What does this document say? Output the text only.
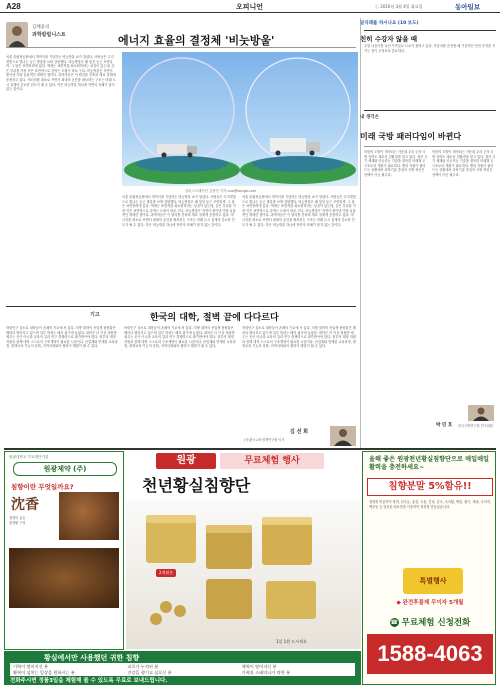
A28	오피니언	㉡ 2016년 3월 4일 화요일	동아일보
김혜윤의
과학칼럼니스트	에너지 효율의 결정체 '비눗방울'
서울 올림픽공원에서 개막식을 기념하는 비눗방울 쇼가 열렸다. 사람들은 무지갯빛으로 빛나는 둥근 방울을 보며 감탄했다. 비눗방울은 왜 항상 둥근 모양일까. 그 답은 표면장력에 있다. 액체는 표면적을 최소화하려는 성질이 있는데, 같은 부피를 가장 작은 표면적으로 감싸는 도형이 바로 구다. 비눗방울은 자연이 찾아낸 가장 효율적인 형태인 셈이다. 과학자들은 이 원리를 건축과 재료 설계에 응용하고 있다. 에너지를 최소로 쓰면서 최대의 공간을 확보하는 구조는 미래 도시 설계의 중요한 힌트가 될 수 있다. 작은 비눗방울 하나에 자연의 지혜가 담겨 있는 것이다.
일러스트레이션 김용민 기자 ouo@donga.com
서울 올림픽공원에서 개막식을 기념하는 비눗방울 쇼가 열렸다. 사람들은 무지갯빛으로 빛나는 둥근 방울을 보며 감탄했다. 비눗방울은 왜 항상 둥근 모양일까. 그 답은 표면장력에 있다. 액체는 표면적을 최소화하려는 성질이 있는데, 같은 부피를 가장 작은 표면적으로 감싸는 도형이 바로 구다. 비눗방울은 자연이 찾아낸 가장 효율적인 형태인 셈이다. 과학자들은 이 원리를 건축과 재료 설계에 응용하고 있다. 에너지를 최소로 쓰면서 최대의 공간을 확보하는 구조는 미래 도시 설계의 중요한 힌트가 될 수 있다. 작은 비눗방울 하나에 자연의 지혜가 담겨 있는 것이다.
서울 올림픽공원에서 개막식을 기념하는 비눗방울 쇼가 열렸다. 사람들은 무지갯빛으로 빛나는 둥근 방울을 보며 감탄했다. 비눗방울은 왜 항상 둥근 모양일까. 그 답은 표면장력에 있다. 액체는 표면적을 최소화하려는 성질이 있는데, 같은 부피를 가장 작은 표면적으로 감싸는 도형이 바로 구다. 비눗방울은 자연이 찾아낸 가장 효율적인 형태인 셈이다. 과학자들은 이 원리를 건축과 재료 설계에 응용하고 있다. 에너지를 최소로 쓰면서 최대의 공간을 확보하는 구조는 미래 도시 설계의 중요한 힌트가 될 수 있다. 작은 비눗방울 하나에 자연의 지혜가 담겨 있는 것이다.
기고	한국의 대학, 절벽 끝에 다다르다
학령인구 감소로 대학들이 존폐의 기로에 서 있다. 지방 대학의 신입생 충원율은 해마다 떨어지고 있으며 일부 학과는 폐지 위기에 놓였다. 대학은 더 이상 정원만 채우는 곳이 아니라 교육의 질과 연구 경쟁력으로 평가받아야 한다. 정부의 재정 지원과 함께 대학 스스로의 구조개혁이 필요한 시점이다. 산업계와 연계한 교육과정, 평생교육 기능의 강화, 지역사회와의 협력이 해법이 될 수 있다.
학령인구 감소로 대학들이 존폐의 기로에 서 있다. 지방 대학의 신입생 충원율은 해마다 떨어지고 있으며 일부 학과는 폐지 위기에 놓였다. 대학은 더 이상 정원만 채우는 곳이 아니라 교육의 질과 연구 경쟁력으로 평가받아야 한다. 정부의 재정 지원과 함께 대학 스스로의 구조개혁이 필요한 시점이다. 산업계와 연계한 교육과정, 평생교육 기능의 강화, 지역사회와의 협력이 해법이 될 수 있다.
학령인구 감소로 대학들이 존폐의 기로에 서 있다. 지방 대학의 신입생 충원율은 해마다 떨어지고 있으며 일부 학과는 폐지 위기에 놓였다. 대학은 더 이상 정원만 채우는 곳이 아니라 교육의 질과 연구 경쟁력으로 평가받아야 한다. 정부의 재정 지원과 함께 대학 스스로의 구조개혁이 필요한 시점이다. 산업계와 연계한 교육과정, 평생교육 기능의 강화, 지역사회와의 협력이 해법이 될 수 있다.
김 선 희
(사)한국교육정책연구원 이사
글식레를 하시나요 (10 보도)
친히 수강자 않을 때
주말 나들이를 나선 가족들로 도로가 붐비고 있다. 자동차를 운전할 때 기본적인 안전 수칙을 지키는 것이 무엇보다 중요하다.
내 생각은
미래 국방 패러다임이 바뀐다
북한의 도발이 계속되는 가운데 우리 군의 국방 전략도 새로운 전환점을 맞고 있다. 첨단 무기 체계와 인공지능 기술을 접목한 미래형 군 구조로의 개편이 필요하다. 병력 자원이 줄어드는 상황에서 과학기술 중심의 국방 혁신은 선택이 아닌 필수다.
북한의 도발이 계속되는 가운데 우리 군의 국방 전략도 새로운 전환점을 맞고 있다. 첨단 무기 체계와 인공지능 기술을 접목한 미래형 군 구조로의 개편이 필요하다. 병력 자원이 줄어드는 상황에서 과학기술 중심의 국방 혁신은 선택이 아닌 필수다.
박 민 호 한국국방연구원 연구위원
원광대학교 약교재단기업
원광제약 (주)
침향이란 무엇일까요?
沈香
침향의 효능
침향환 구성
원광	무료체험 행사
천년황실침향단
2개월분
1일 1환 드시세요
황실에서만 사용했던 귀한 침향
기력이 떨어지신 분	피로가 누적된 분	체력이 떨어지신 분
활력이 넘치는 일상을 원하시는 분	건강을 챙기고 싶으신 분	기력과 스태미나가 약한 분
전화주시면 정품3일을 체험해 볼 수 있도록 무료로 보내드립니다.
올해 좋은 원광천년황실침향단으로 매일매일 활력을 충전하세요~
침향분말 5%함유!!
침향을 비롯하여 당귀, 산수유, 홍삼, 녹용, 진피, 감초, 숙지황, 백출, 황기, 계피, 오미자, 맥문동 등 엄선된 원료만을 사용하여 정성껏 만들었습니다.
특별행사
◆ 완전후불제 무이자 5개월
☎ 무료체험 신청전화
1588-4063
